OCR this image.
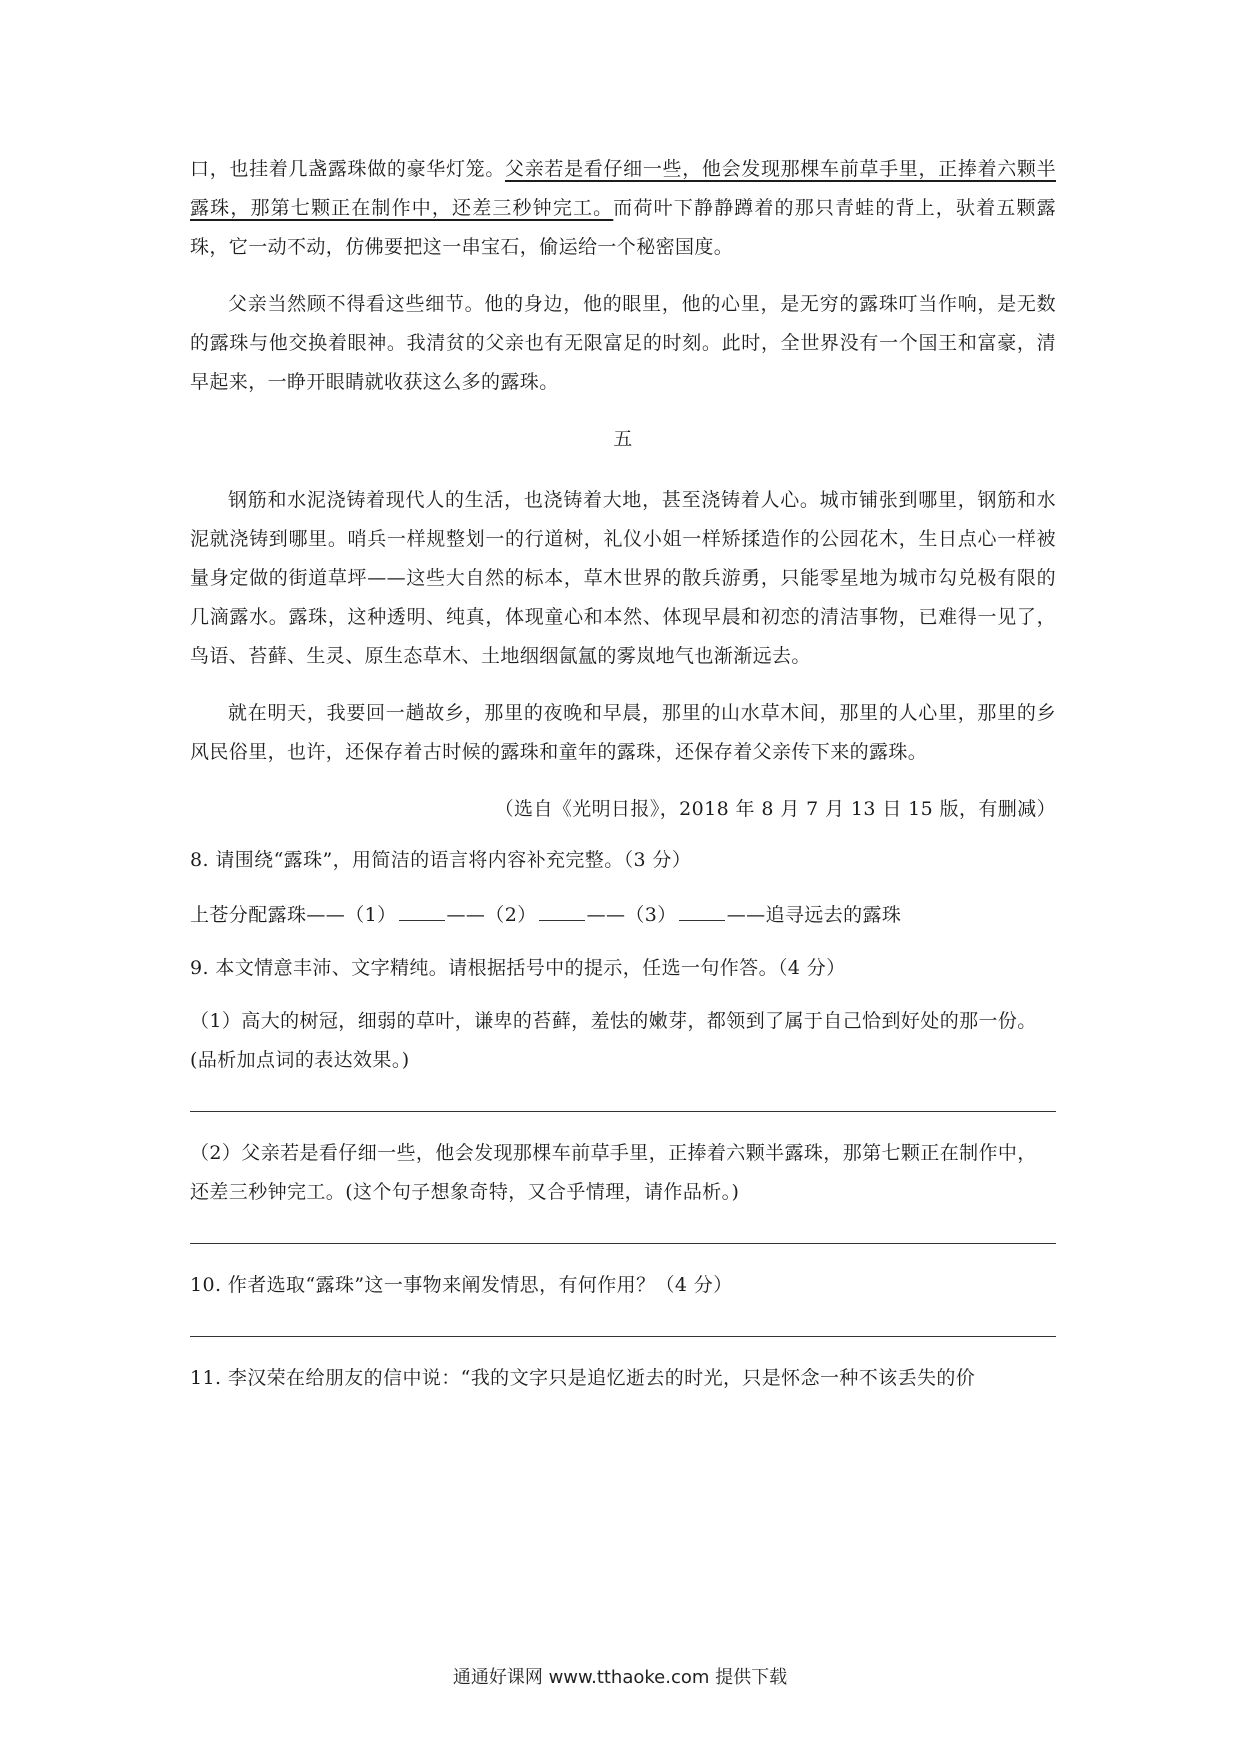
口，也挂着几盏露珠做的豪华灯笼。父亲若是看仔细一些，他会发现那棵车前草手里，正捧着六颗半露珠，那第七颗正在制作中，还差三秒钟完工。而荷叶下静静蹲着的那只青蛙的背上，驮着五颗露珠，它一动不动，仿佛要把这一串宝石，偷运给一个秘密国度。

父亲当然顾不得看这些细节。他的身边，他的眼里，他的心里，是无穷的露珠叮当作响，是无数的露珠与他交换着眼神。我清贫的父亲也有无限富足的时刻。此时，全世界没有一个国王和富豪，清早起来，一睁开眼睛就收获这么多的露珠。

五

钢筋和水泥浇铸着现代人的生活，也浇铸着大地，甚至浇铸着人心。城市铺张到哪里，钢筋和水泥就浇铸到哪里。哨兵一样规整划一的行道树，礼仪小姐一样矫揉造作的公园花木，生日点心一样被量身定做的街道草坪——这些大自然的标本，草木世界的散兵游勇，只能零星地为城市勾兑极有限的几滴露水。露珠，这种透明、纯真，体现童心和本然、体现早晨和初恋的清洁事物，已难得一见了，鸟语、苔藓、生灵、原生态草木、土地𬘡𬘡氤氲的雾岚地气也渐渐远去。

就在明天，我要回一趟故乡，那里的夜晚和早晨，那里的山水草木间，那里的人心里，那里的乡风民俗里，也许，还保存着古时候的露珠和童年的露珠，还保存着父亲传下来的露珠。

（选自《光明日报》，2018 年 8 月 7 月 13 日 15 版，有删减）

8. 请围绕“露珠”，用简洁的语言将内容补充完整。（3 分）

上苍分配露珠——（1）	——（2）	——（3）	——追寻远去的露珠

9. 本文情意丰沛、文字精纯。请根据括号中的提示，任选一句作答。（4 分）

（1）高大的树冠，细弱的草叶，谦卑的苔藓，羞怯的嫩芽，都领到了属于自己恰到好处的那一份。(品析加点词的表达效果。)

（2）父亲若是看仔细一些，他会发现那棵车前草手里，正捧着六颗半露珠，那第七颗正在制作中，还差三秒钟完工。(这个句子想象奇特，又合乎情理，请作品析。)

10. 作者选取“露珠”这一事物来阐发情思，有何作用？（4 分）

11. 李汉荣在给朋友的信中说：“我的文字只是追忆逝去的时光，只是怀念一种不该丢失的价

通通好课网 www.tthaoke.com 提供下载
